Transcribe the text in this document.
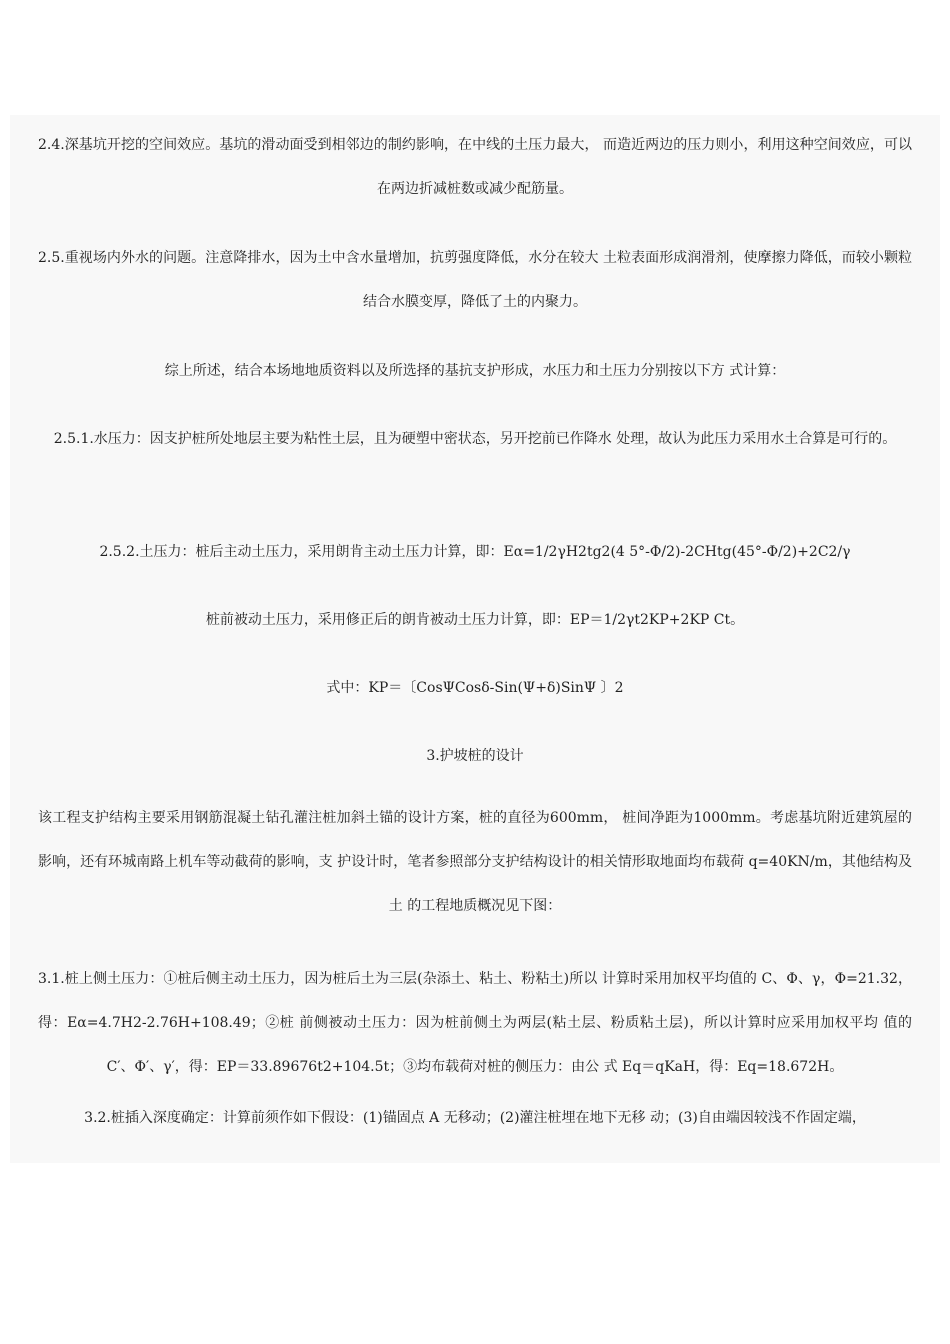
2.4.深基坑开挖的空间效应。基坑的滑动面受到相邻边的制约影响，在中线的土压力最大， 而造近两边的压力则小，利用这种空间效应，可以在两边折减桩数或减少配筋量。
2.5.重视场内外水的问题。注意降排水，因为土中含水量增加，抗剪强度降低，水分在较大 土粒表面形成润滑剂，使摩擦力降低，而较小颗粒结合水膜变厚，降低了土的内聚力。
综上所述，结合本场地地质资料以及所选择的基抗支护形成，水压力和土压力分别按以下方 式计算：
2.5.1.水压力：因支护桩所处地层主要为粘性土层，且为硬塑中密状态，另开挖前已作降水 处理，故认为此压力采用水土合算是可行的。
2.5.2.土压力：桩后主动土压力，采用朗肯主动土压力计算，即：Eα=1/2γH2tg2(4 5°-Φ/2)-2CHtg(45°-Φ/2)+2C2/γ
桩前被动土压力，采用修正后的朗肯被动土压力计算，即：EP＝1/2γt2KP+2KP Ct。
式中：KP＝〔CosΨCosδ-Sin(Ψ+δ)SinΨ 〕2
3.护坡桩的设计
该工程支护结构主要采用钢筋混凝土钻孔灌注桩加斜土锚的设计方案，桩的直径为600mm， 桩间净距为1000mm。考虑基坑附近建筑屋的影响，还有环城南路上机车等动截荷的影响，支 护设计时，笔者参照部分支护结构设计的相关情形取地面均布载荷 q=40KN/m，其他结构及土 的工程地质概况见下图：
3.1.桩上侧土压力：①桩后侧主动土压力，因为桩后土为三层(杂添土、粘土、粉粘土)所以 计算时采用加权平均值的 C、Φ、γ，Φ=21.32，得：Eα=4.7H2-2.76H+108.49；②桩 前侧被动土压力：因为桩前侧土为两层(粘土层、粉质粘土层)，所以计算时应采用加权平均 值的 C′、Φ′、γ′，得：EP＝33.89676t2+104.5t；③均布载荷对桩的侧压力：由公 式 Eq＝qKaH，得：Eq=18.672H。
3.2.桩插入深度确定：计算前须作如下假设：(1)锚固点 A 无移动；(2)灌注桩埋在地下无移 动；(3)自由端因较浅不作固定端，
